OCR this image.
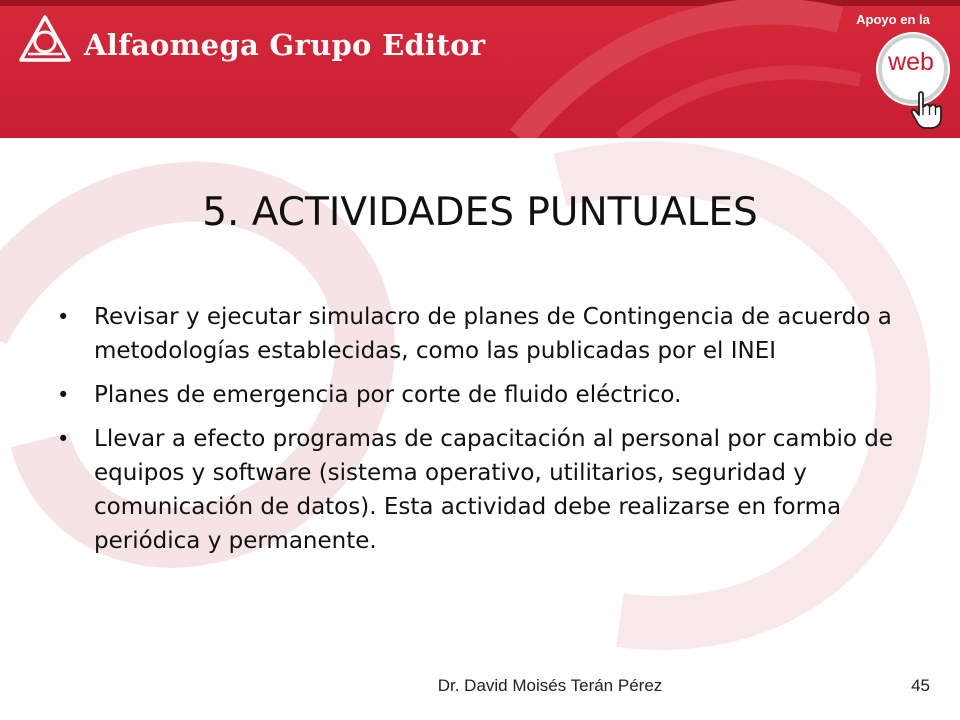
Alfaomega Grupo Editor
Apoyo en la
web
5. ACTIVIDADES PUNTUALES
• Revisar y ejecutar simulacro de planes de Contingencia de acuerdo a metodologías establecidas, como las publicadas por el INEI
• Planes de emergencia por corte de fluido eléctrico.
• Llevar a efecto programas de capacitación al personal por cambio de equipos y software (sistema operativo, utilitarios, seguridad y comunicación de datos). Esta actividad debe realizarse en forma periódica y permanente.
Dr. David Moisés Terán Pérez	45
